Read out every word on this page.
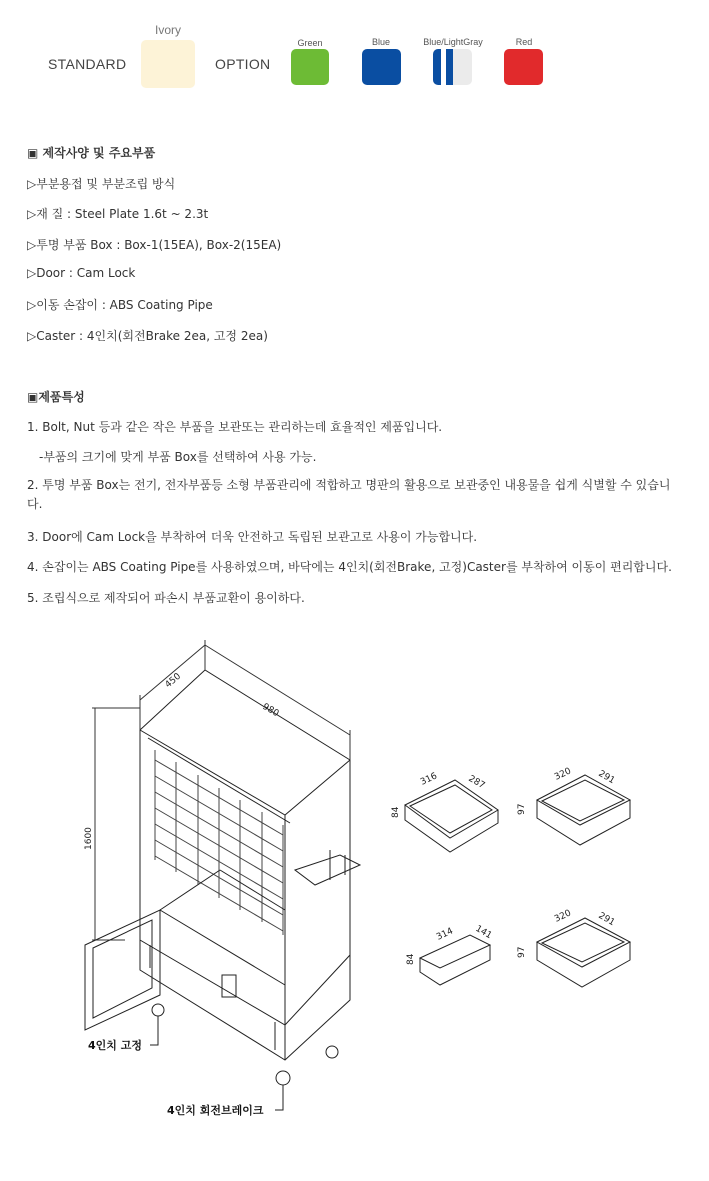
STANDARD
Ivory
OPTION
Green	Blue	Blue/LightGray	Red
▣ 제작사양 및 주요부품
▷부분용접 및 부분조립 방식
▷재 질 : Steel Plate 1.6t ~ 2.3t
▷투명 부품 Box : Box-1(15EA), Box-2(15EA)
▷Door : Cam Lock
▷이동 손잡이 : ABS Coating Pipe
▷Caster : 4인치(회전Brake 2ea, 고정 2ea)
▣제품특성
1. Bolt, Nut 등과 같은 작은 부품을 보관또는 관리하는데 효율적인 제품입니다.
-부품의 크기에 맞게 부품 Box를 선택하여 사용 가능.
2. 투명 부품 Box는 전기, 전자부품등 소형 부품관리에 적합하고 명판의 활용으로 보관중인 내용물을 쉽게 식별할 수 있습니다.
3. Door에 Cam Lock을 부착하여 더욱 안전하고 독립된 보관고로 사용이 가능합니다.
4. 손잡이는 ABS Coating Pipe를 사용하였으며, 바닥에는 4인치(회전Brake, 고정)Caster를 부착하여 이동이 편리합니다.
5. 조립식으로 제작되어 파손시 부품교환이 용이하다.
450
980
1600
4인치 고정
4인치 회전브레이크
316	287
84
320	291
97
314 141
84
320	291
97
